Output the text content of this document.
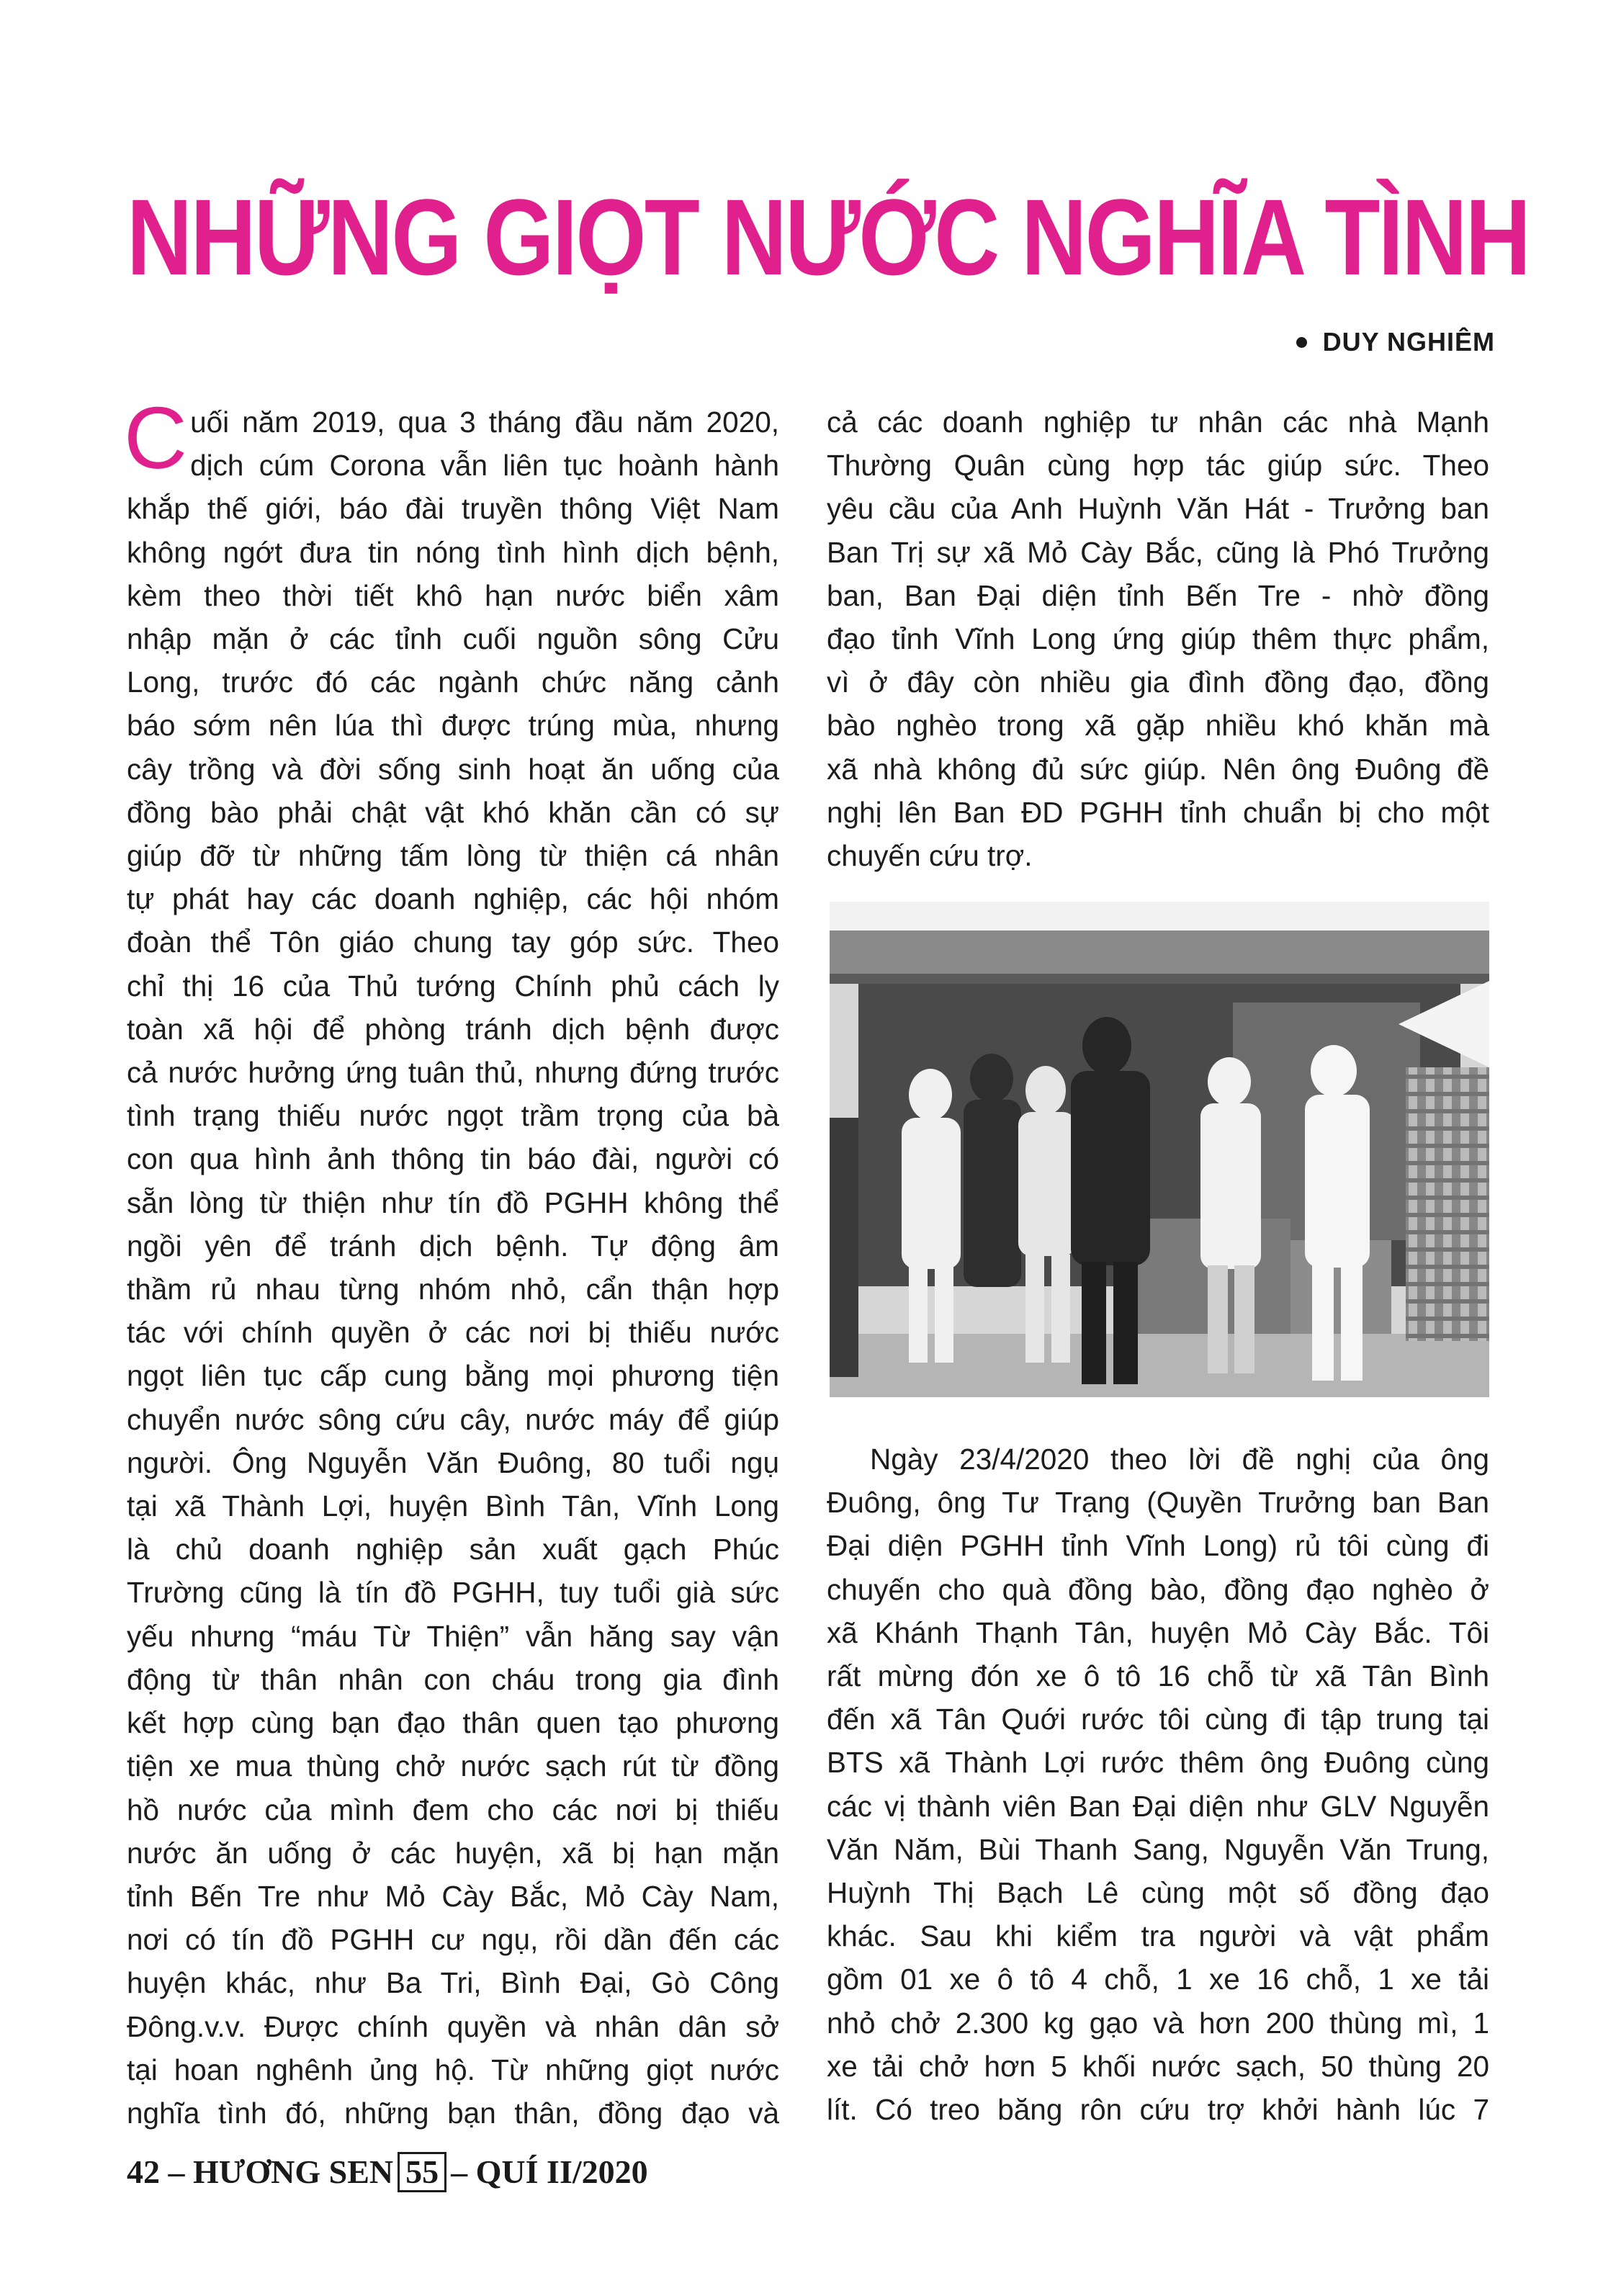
NHỮNG GIỌT NƯỚC NGHĨA TÌNH
DUY NGHIÊM
C uối năm 2019, qua 3 tháng đầu năm 2020,
dịch cúm Corona vẫn liên tục hoành hành
khắp thế giới, báo đài truyền thông Việt Nam
không ngớt đưa tin nóng tình hình dịch bệnh,
kèm theo thời tiết khô hạn nước biển xâm
nhập mặn ở các tỉnh cuối nguồn sông Cửu
Long, trước đó các ngành chức năng cảnh
báo sớm nên lúa thì được trúng mùa, nhưng
cây trồng và đời sống sinh hoạt ăn uống của
đồng bào phải chật vật khó khăn cần có sự
giúp đỡ từ những tấm lòng từ thiện cá nhân
tự phát hay các doanh nghiệp, các hội nhóm
đoàn thể Tôn giáo chung tay góp sức. Theo
chỉ thị 16 của Thủ tướng Chính phủ cách ly
toàn xã hội để phòng tránh dịch bệnh được
cả nước hưởng ứng tuân thủ, nhưng đứng trước
tình trạng thiếu nước ngọt trầm trọng của bà
con qua hình ảnh thông tin báo đài, người có
sẵn lòng từ thiện như tín đồ PGHH không thể
ngồi yên để tránh dịch bệnh. Tự động âm
thầm rủ nhau từng nhóm nhỏ, cẩn thận hợp
tác với chính quyền ở các nơi bị thiếu nước
ngọt liên tục cấp cung bằng mọi phương tiện
chuyển nước sông cứu cây, nước máy để giúp
người. Ông Nguyễn Văn Đuông, 80 tuổi ngụ
tại xã Thành Lợi, huyện Bình Tân, Vĩnh Long
là chủ doanh nghiệp sản xuất gạch Phúc
Trường cũng là tín đồ PGHH, tuy tuổi già sức
yếu nhưng “máu Từ Thiện” vẫn hăng say vận
động từ thân nhân con cháu trong gia đình
kết hợp cùng bạn đạo thân quen tạo phương
tiện xe mua thùng chở nước sạch rút từ đồng
hồ nước của mình đem cho các nơi bị thiếu
nước ăn uống ở các huyện, xã bị hạn mặn
tỉnh Bến Tre như Mỏ Cày Bắc, Mỏ Cày Nam,
nơi có tín đồ PGHH cư ngụ, rồi dần đến các
huyện khác, như Ba Tri, Bình Đại, Gò Công
Đông.v.v. Được chính quyền và nhân dân sở
tại hoan nghênh ủng hộ. Từ những giọt nước
nghĩa tình đó, những bạn thân, đồng đạo và
cả các doanh nghiệp tư nhân các nhà Mạnh
Thường Quân cùng hợp tác giúp sức. Theo
yêu cầu của Anh Huỳnh Văn Hát - Trưởng ban
Ban Trị sự xã Mỏ Cày Bắc, cũng là Phó Trưởng
ban, Ban Đại diện tỉnh Bến Tre - nhờ đồng
đạo tỉnh Vĩnh Long ứng giúp thêm thực phẩm,
vì ở đây còn nhiều gia đình đồng đạo, đồng
bào nghèo trong xã gặp nhiều khó khăn mà
xã nhà không đủ sức giúp. Nên ông Đuông đề
nghị lên Ban ĐD PGHH tỉnh chuẩn bị cho một
chuyến cứu trợ.
Ngày 23/4/2020 theo lời đề nghị của ông
Đuông, ông Tư Trạng (Quyền Trưởng ban Ban
Đại diện PGHH tỉnh Vĩnh Long) rủ tôi cùng đi
chuyến cho quà đồng bào, đồng đạo nghèo ở
xã Khánh Thạnh Tân, huyện Mỏ Cày Bắc. Tôi
rất mừng đón xe ô tô 16 chỗ từ xã Tân Bình
đến xã Tân Quới rước tôi cùng đi tập trung tại
BTS xã Thành Lợi rước thêm ông Đuông cùng
các vị thành viên Ban Đại diện như GLV Nguyễn
Văn Năm, Bùi Thanh Sang, Nguyễn Văn Trung,
Huỳnh Thị Bạch Lê cùng một số đồng đạo
khác. Sau khi kiểm tra người và vật phẩm
gồm 01 xe ô tô 4 chỗ, 1 xe 16 chỗ, 1 xe tải
nhỏ chở 2.300 kg gạo và hơn 200 thùng mì, 1
xe tải chở hơn 5 khối nước sạch, 50 thùng 20
lít. Có treo băng rôn cứu trợ khởi hành lúc 7
42 – HƯƠNG SEN 55 – QUÍ II/2020
